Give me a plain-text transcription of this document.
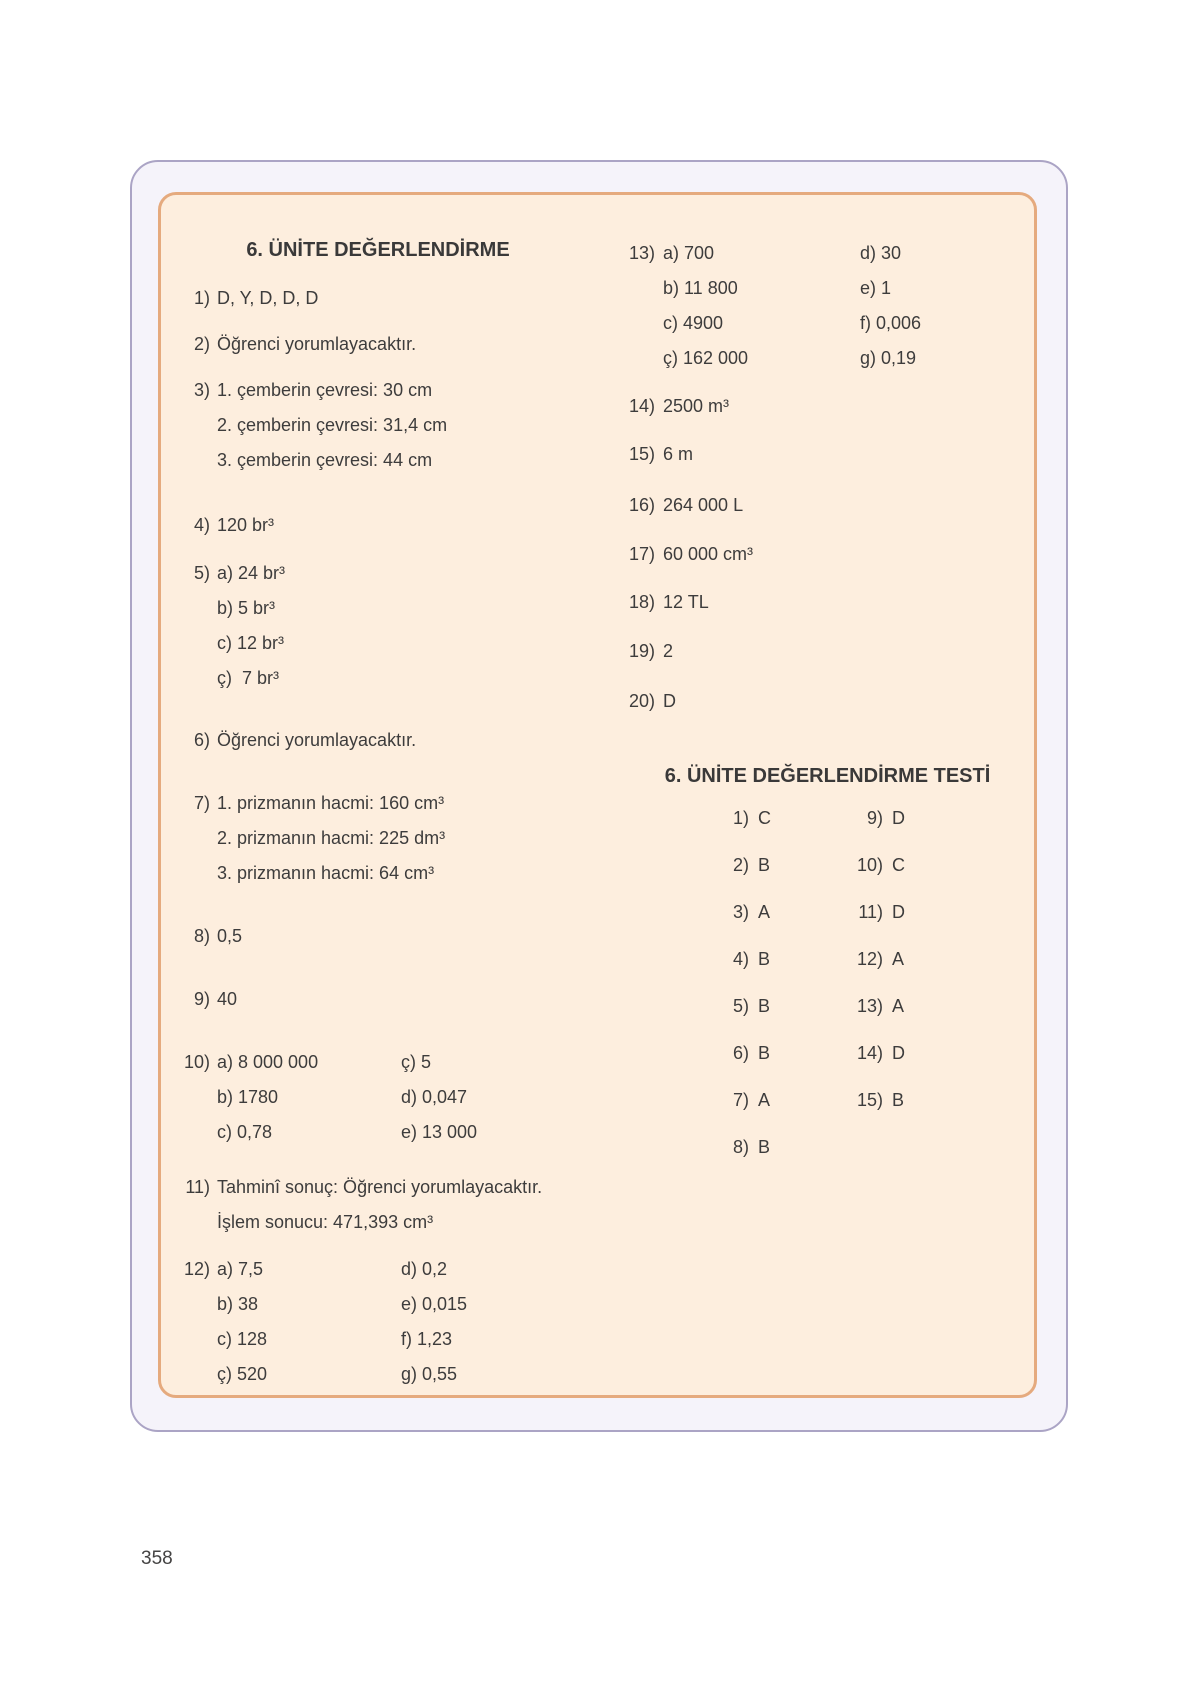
6. ÜNİTE DEĞERLENDİRME
1) D, Y, D, D, D
2) Öğrenci yorumlayacaktır.
3) 1. çemberin çevresi: 30 cm
2. çemberin çevresi: 31,4 cm
3. çemberin çevresi: 44 cm
4) 120 br³
5) a) 24 br³
b) 5 br³
c) 12 br³
ç)  7 br³
6) Öğrenci yorumlayacaktır.
7) 1. prizmanın hacmi: 160 cm³
2. prizmanın hacmi: 225 dm³
3. prizmanın hacmi: 64 cm³
8) 0,5
9) 40
10) a) 8 000 000	ç) 5
b) 1780	d) 0,047
c) 0,78	e) 13 000
11) Tahminî sonuç: Öğrenci yorumlayacaktır.
İşlem sonucu: 471,393 cm³
12) a) 7,5	d) 0,2
b) 38	e) 0,015
c) 128	f) 1,23
ç) 520	g) 0,55
13) a) 700	d) 30
b) 11 800	e) 1
c) 4900	f) 0,006
ç) 162 000	g) 0,19
14) 2500 m³
15) 6 m
16) 264 000 L
17) 60 000 cm³
18) 12 TL
19) 2
20) D
6. ÜNİTE DEĞERLENDİRME TESTİ
1) C	9) D
2) B	10) C
3) A	11) D
4) B	12) A
5) B	13) A
6) B	14) D
7) A	15) B
8) B
358
